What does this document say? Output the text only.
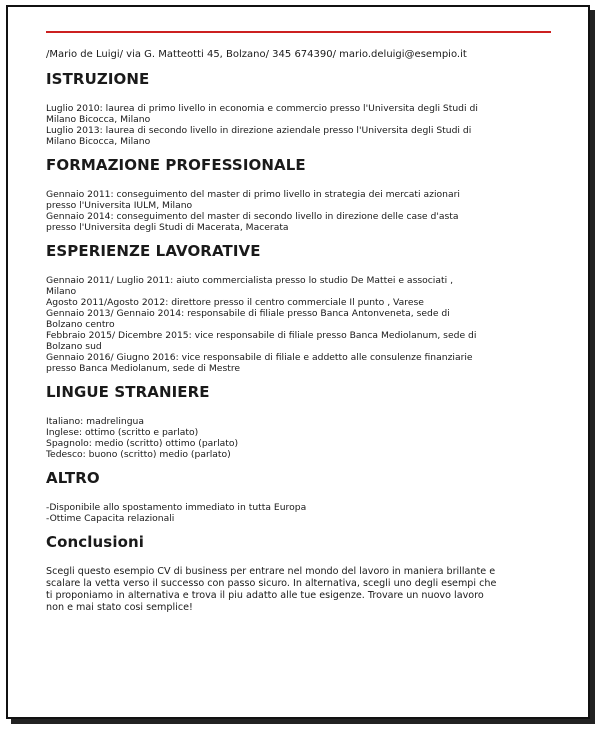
/Mario de Luigi/ via G. Matteotti 45, Bolzano/ 345 674390/ mario.deluigi@esempio.it

ISTRUZIONE

Luglio 2010: laurea di primo livello in economia e commercio presso l'Universita degli Studi di
Milano Bicocca, Milano

Luglio 2013: laurea di secondo livello in direzione aziendale presso l'Universita degli Studi di
Milano Bicocca, Milano

FORMAZIONE PROFESSIONALE

Gennaio 2011: conseguimento del master di primo livello in strategia dei mercati azionari
presso l'Universita IULM, Milano

Gennaio 2014: conseguimento del master di secondo livello in direzione delle case d'asta
presso l'Universita degli Studi di Macerata, Macerata

ESPERIENZE LAVORATIVE

Gennaio 2011/ Luglio 2011: aiuto commercialista presso lo studio De Mattei e associati ,
Milano

Agosto 2011/Agosto 2012: direttore presso il centro commerciale Il punto , Varese

Gennaio 2013/ Gennaio 2014: responsabile di filiale presso Banca Antonveneta, sede di
Bolzano centro

Febbraio 2015/ Dicembre 2015: vice responsabile di filiale presso Banca Mediolanum, sede di
Bolzano sud

Gennaio 2016/ Giugno 2016: vice responsabile di filiale e addetto alle consulenze finanziarie
presso Banca Mediolanum, sede di Mestre

LINGUE STRANIERE

Italiano: madrelingua

Inglese: ottimo (scritto e parlato)

Spagnolo: medio (scritto) ottimo (parlato)

Tedesco: buono (scritto) medio (parlato)

ALTRO

-Disponibile allo spostamento immediato in tutta Europa

-Ottime Capacita relazionali

Conclusioni

Scegli questo esempio CV di business per entrare nel mondo del lavoro in maniera brillante e
scalare la vetta verso il successo con passo sicuro. In alternativa, scegli uno degli esempi che
ti proponiamo in alternativa e trova il piu adatto alle tue esigenze. Trovare un nuovo lavoro
non e mai stato cosi semplice!
